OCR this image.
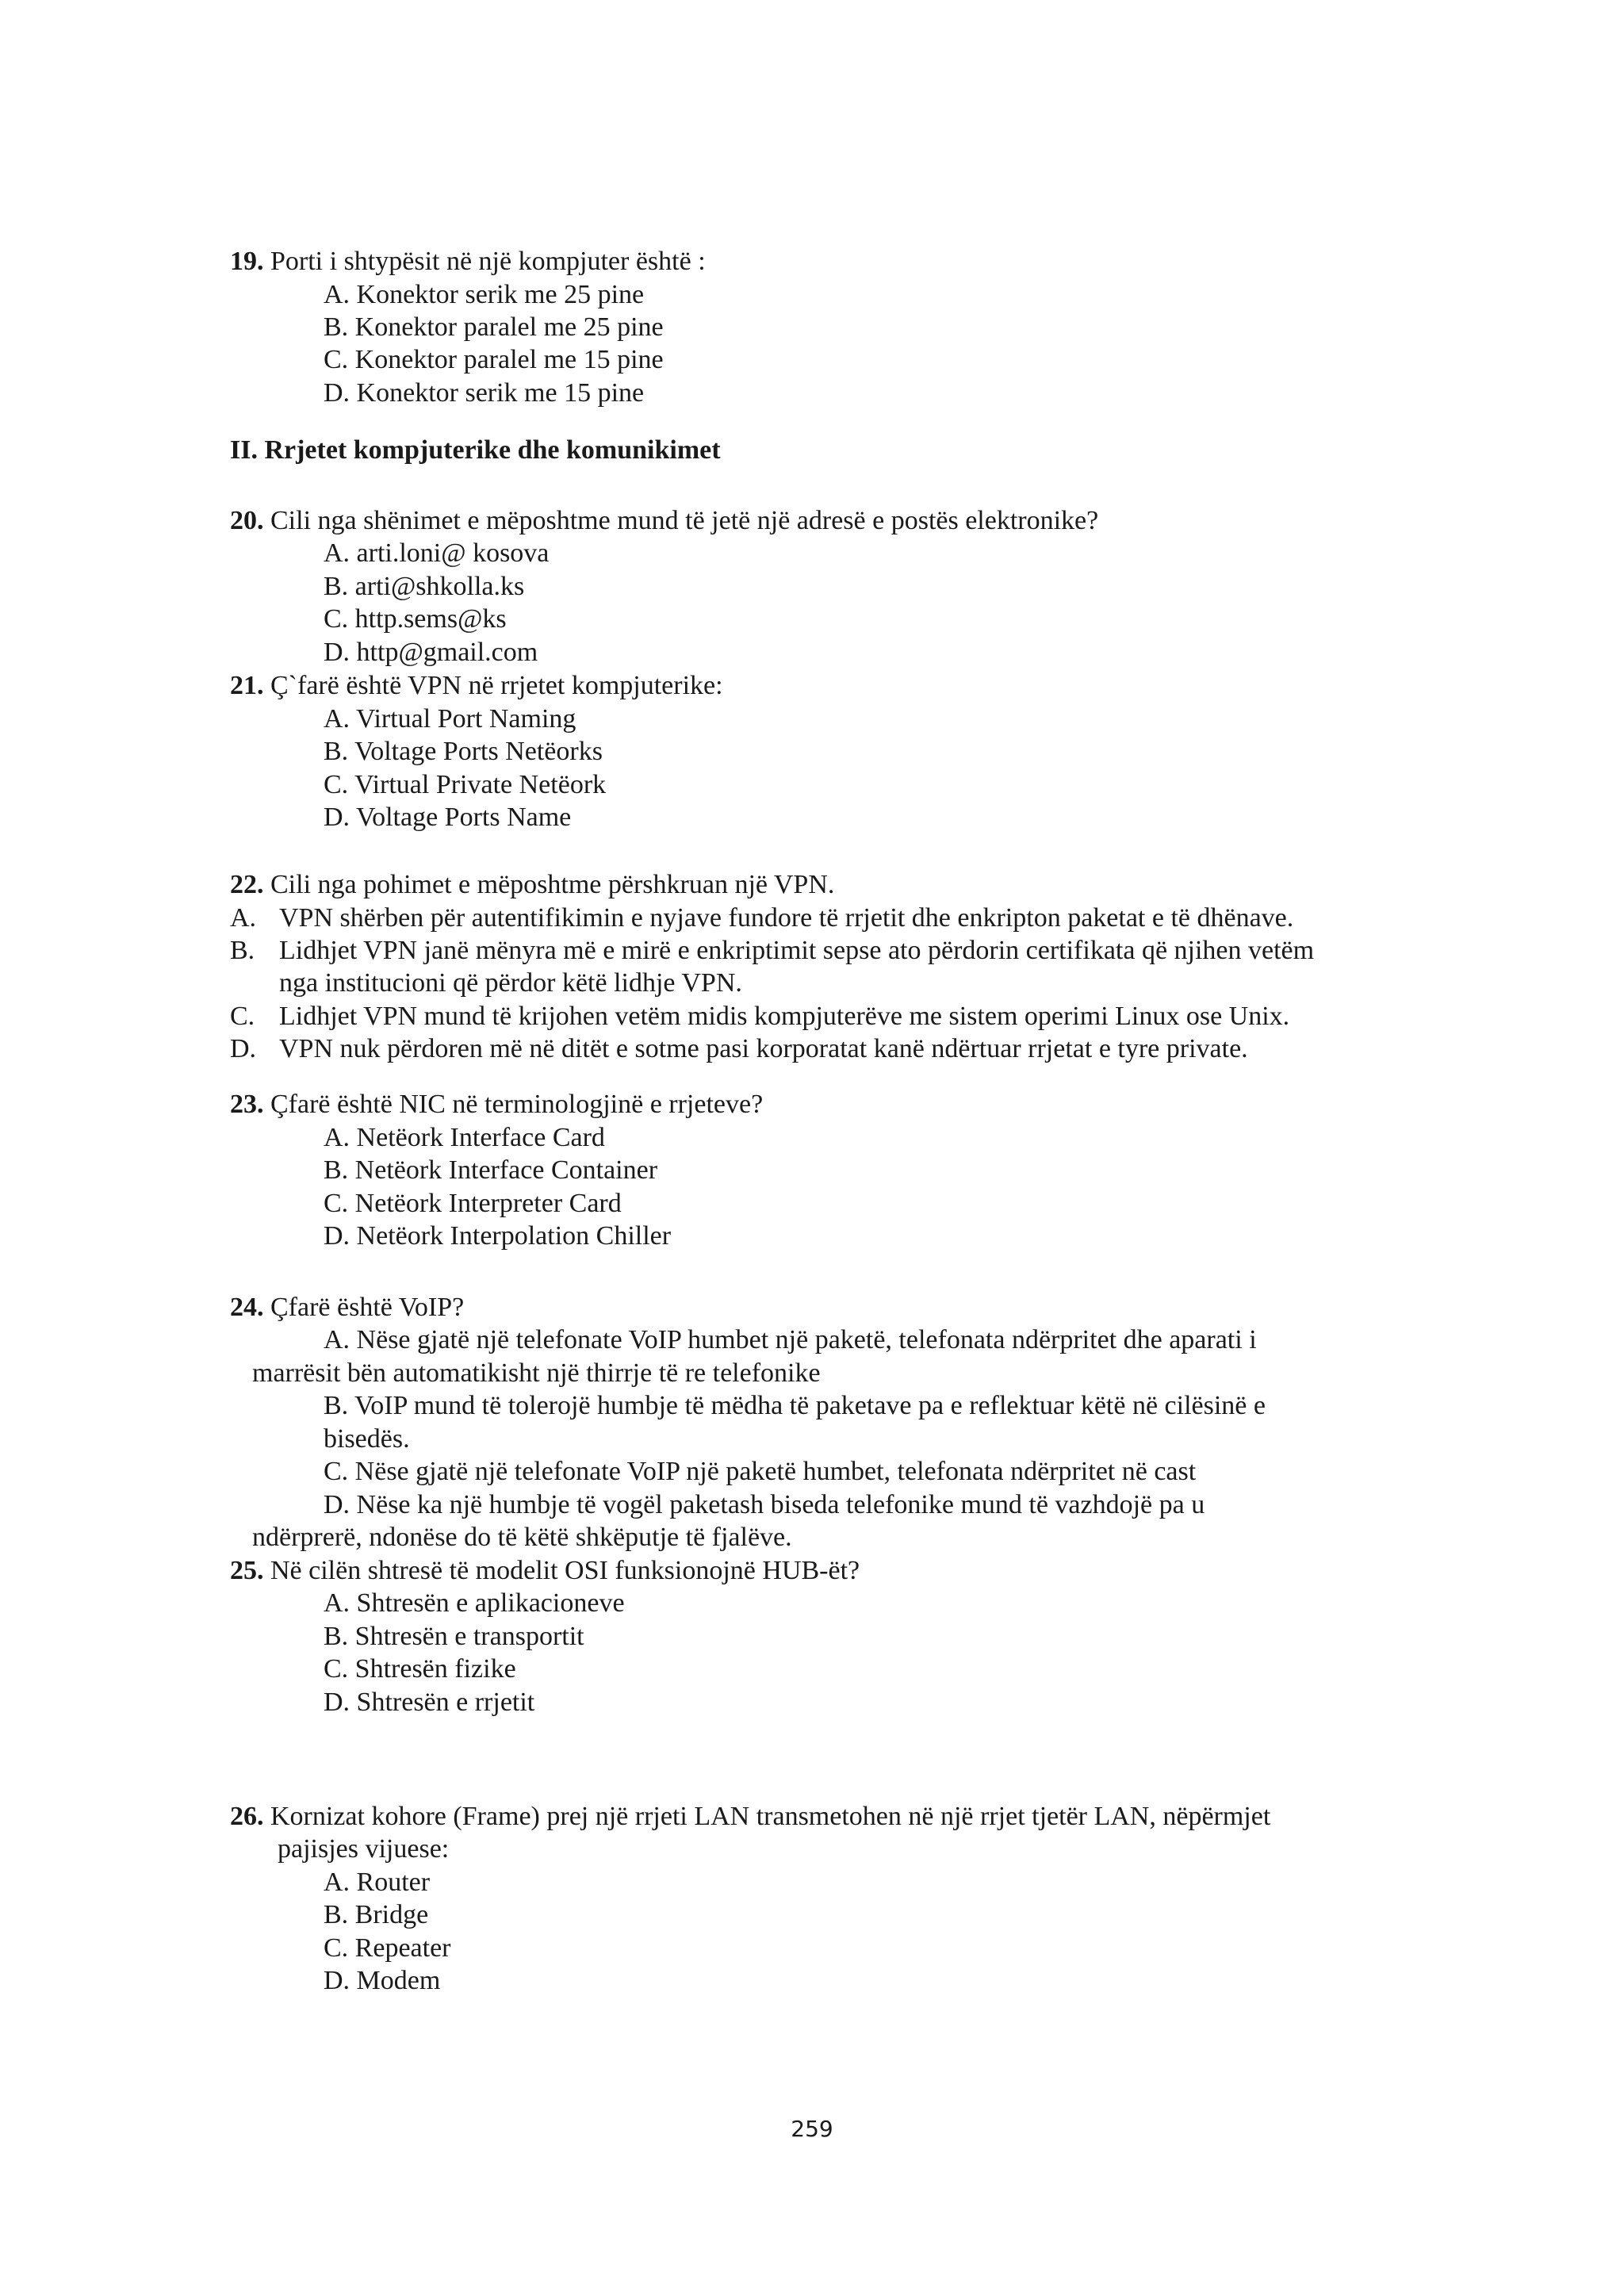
19. Porti i shtypësit në një kompjuter është :
A. Konektor serik me 25 pine
B. Konektor paralel me 25 pine
C. Konektor paralel me 15 pine
D. Konektor serik me 15 pine
II. Rrjetet kompjuterike dhe komunikimet
20. Cili nga shënimet e mëposhtme mund të jetë një adresë e postës elektronike?
A. arti.loni@ kosova
B. arti@shkolla.ks
C. http.sems@ks
D. http@gmail.com
21. Ç`farë është VPN në rrjetet kompjuterike:
A. Virtual Port Naming
B. Voltage Ports Netëorks
C. Virtual Private Netëork
D. Voltage Ports Name
22. Cili nga pohimet e mëposhtme përshkruan një VPN.
A. VPN shërben për autentifikimin e nyjave fundore të rrjetit dhe enkripton paketat e të dhënave.
B. Lidhjet VPN janë mënyra më e mirë e enkriptimit sepse ato përdorin certifikata që njihen vetëm
nga institucioni që përdor këtë lidhje VPN.
C. Lidhjet VPN mund të krijohen vetëm midis kompjuterëve me sistem operimi Linux ose Unix.
D. VPN nuk përdoren më në ditët e sotme pasi korporatat kanë ndërtuar rrjetat e tyre private.
23. Çfarë është NIC në terminologjinë e rrjeteve?
A. Netëork Interface Card
B. Netëork Interface Container
C. Netëork Interpreter Card
D. Netëork Interpolation Chiller
24. Çfarë është VoIP?
A. Nëse gjatë një telefonate VoIP humbet një paketë, telefonata ndërpritet dhe aparati i
marrësit bën automatikisht një thirrje të re telefonike
B. VoIP mund të tolerojë humbje të mëdha të paketave pa e reflektuar këtë në cilësinë e
bisedës.
C. Nëse gjatë një telefonate VoIP një paketë humbet, telefonata ndërpritet në cast
D. Nëse ka një humbje të vogël paketash biseda telefonike mund të vazhdojë pa u
ndërprerë, ndonëse do të këtë shkëputje të fjalëve.
25. Në cilën shtresë të modelit OSI funksionojnë HUB-ët?
A. Shtresën e aplikacioneve
B. Shtresën e transportit
C. Shtresën fizike
D. Shtresën e rrjetit
26. Kornizat kohore (Frame) prej një rrjeti LAN transmetohen në një rrjet tjetër LAN, nëpërmjet
pajisjes vijuese:
A. Router
B. Bridge
C. Repeater
D. Modem
259
